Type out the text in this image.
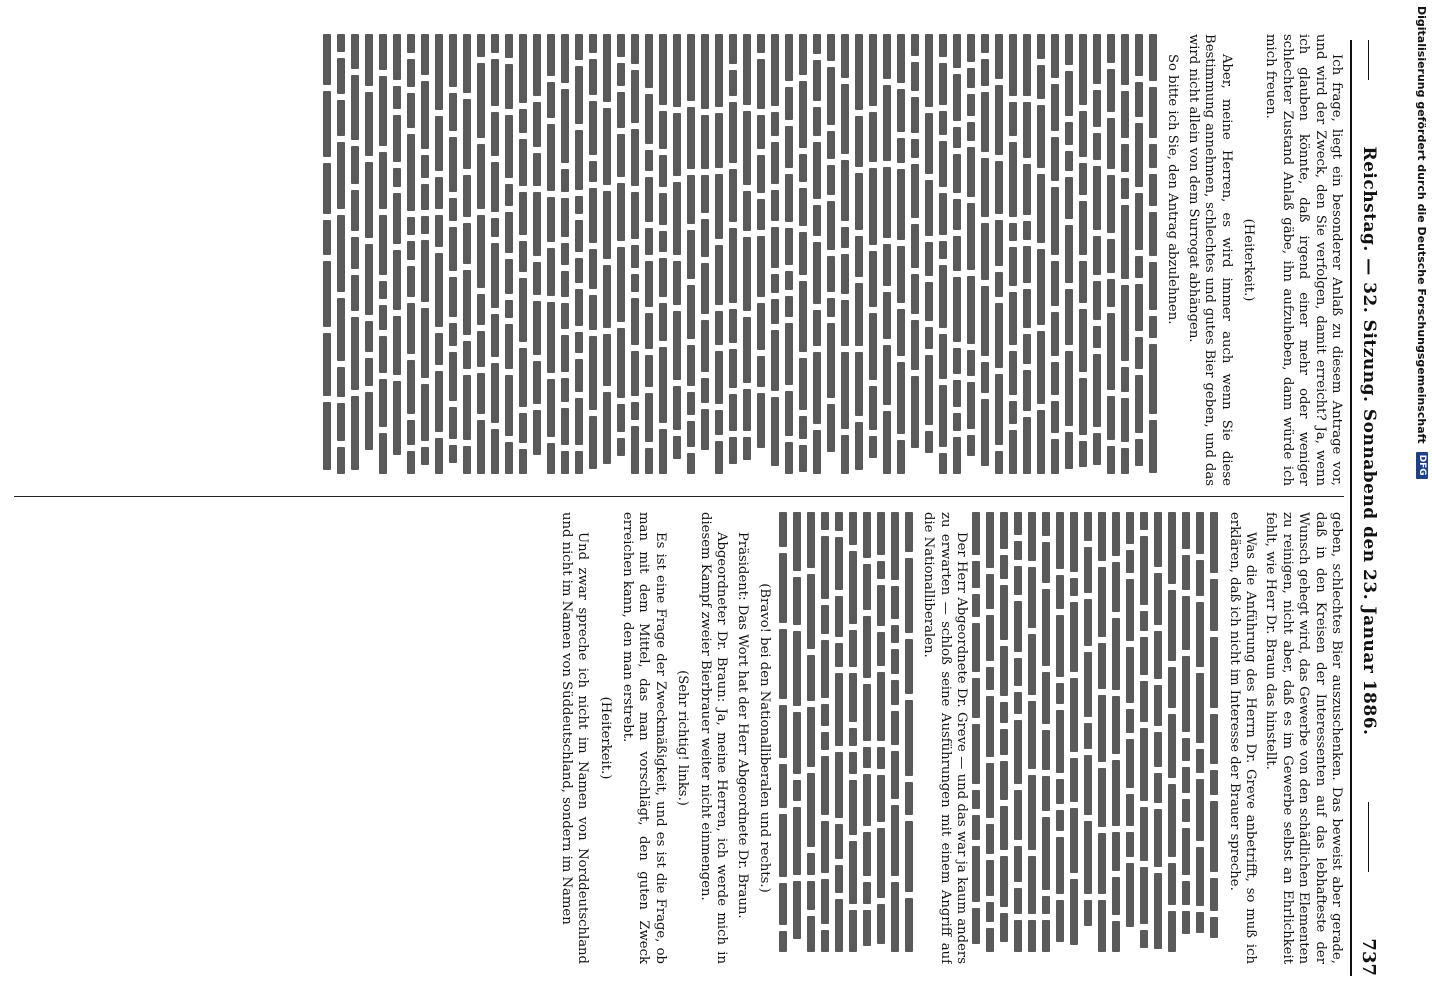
Reichstag. — 32. Sitzung. Sonnabend den 23. Januar 1886.
737

Ich frage, liegt ein besonderer Anlaß zu diesem Antrage vor, und wird der Zweck, den Sie verfolgen, damit erreicht? Ja, wenn ich glauben könnte, daß irgend einer mehr oder weniger schlechter Zustand Anlaß gäbe, ihn aufzuheben, dann würde ich mich freuen.

(Heiterkeit.)

Aber, meine Herren, es wird immer auch wenn Sie diese Bestimmung annehmen, schlechtes und gutes Bier geben, und das wird nicht allein von dem Surrogat abhängen.

So bitte ich Sie, den Antrag abzulehnen.

geben, schlechtes Bier auszuschenken. Das beweist aber gerade, daß in den Kreisen der Interessenten auf das lebhafteste der Wunsch gehegt wird, das Gewerbe von den schädlichen Elementen zu reinigen, nicht aber, daß es im Gewerbe selbst an Ehrlichkeit fehlt, wie Herr Dr. Braun das hinstellt.

Was die Anführung des Herrn Dr. Greve anbetrifft, so muß ich erklären, daß ich nicht im Interesse der Brauer spreche.

Der Herr Abgeordnete Dr. Greve — und das war ja kaum anders zu erwarten — schloß seine Ausführungen mit einem Angriff auf die Nationalliberalen.

(Bravo! bei den Nationalliberalen und rechts.)

Präsident: Das Wort hat der Herr Abgeordnete Dr. Braun.

Abgeordneter Dr. Braun: Ja, meine Herren, ich werde mich in diesem Kampf zweier Bierbrauer weiter nicht einmengen.

(Sehr richtig! links.)

Es ist eine Frage der Zweckmäßigkeit, und es ist die Frage, ob man mit dem Mittel, das man vorschlägt, den guten Zweck erreichen kann, den man erstrebt.

(Heiterkeit.)

Und zwar spreche ich nicht im Namen von Norddeutschland und nicht im Namen von Süddeutschland, sondern im Namen

Digitalisierung gefördert durch die Deutsche Forschungsgemeinschaft
DFG
